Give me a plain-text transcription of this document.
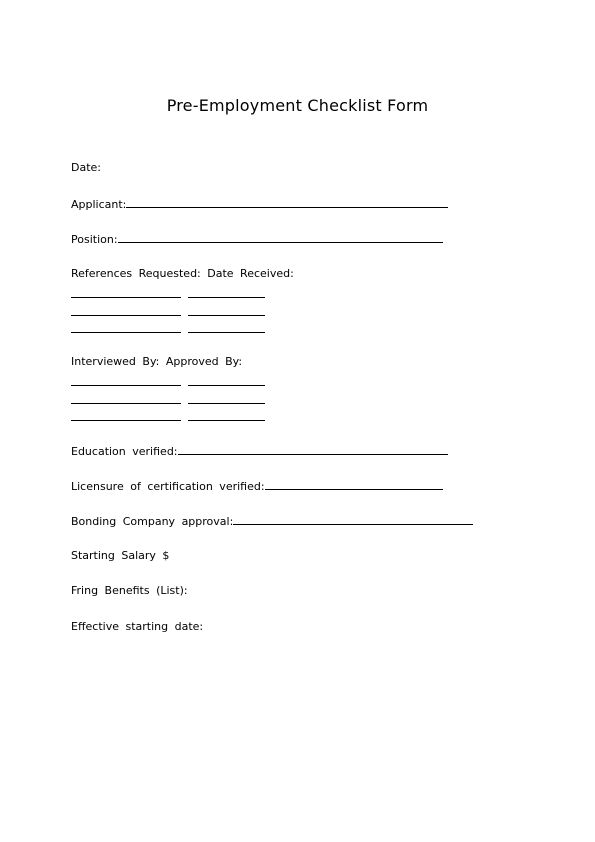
Pre-Employment Checklist Form
Date:
Applicant:
Position:
References Requested: Date Received:
Interviewed By: Approved By:
Education verified:
Licensure of certification verified:
Bonding Company approval:
Starting Salary $
Fring Benefits (List):
Effective starting date:
